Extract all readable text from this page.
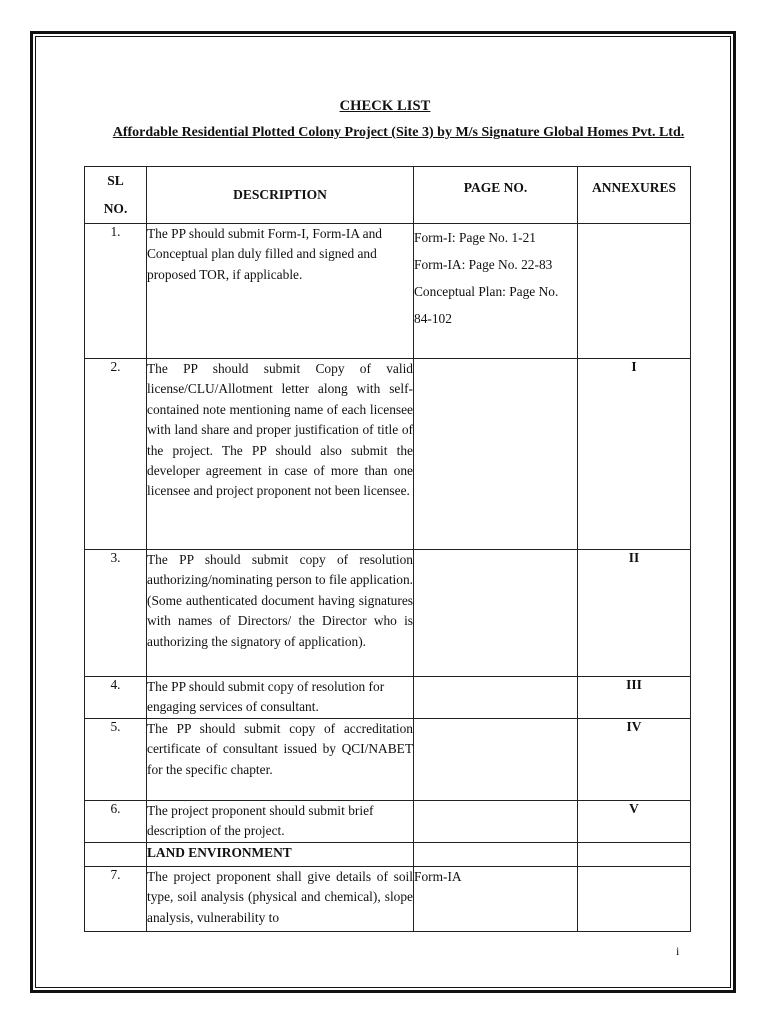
CHECK LIST
Affordable Residential Plotted Colony Project (Site 3) by M/s Signature Global Homes Pvt. Ltd.
SL
NO.	DESCRIPTION	PAGE NO.	ANNEXURES
1.	The PP should submit Form-I, Form-IA and Conceptual plan duly filled and signed and proposed TOR, if applicable.	Form-I: Page No. 1-21
Form-IA: Page No. 22-83
Conceptual Plan: Page No. 84-102	

2.	The PP should submit Copy of valid license/CLU/Allotment letter along with self-contained note mentioning name of each licensee with land share and proper justification of title of the project. The PP should also submit the developer agreement in case of more than one licensee and project proponent not been licensee.		I
3.	The PP should submit copy of resolution authorizing/nominating person to file application. (Some authenticated document having signatures with names of Directors/ the Director who is authorizing the signatory of application).		II
4.	The PP should submit copy of resolution for engaging services of consultant.		III
5.	The PP should submit copy of accreditation certificate of consultant issued by QCI/NABET for the specific chapter.		IV
6.	The project proponent should submit brief description of the project.		V
	LAND ENVIRONMENT		
7.	The project proponent shall give details of soil type, soil analysis (physical and chemical), slope analysis, vulnerability to	Form-IA	
i
